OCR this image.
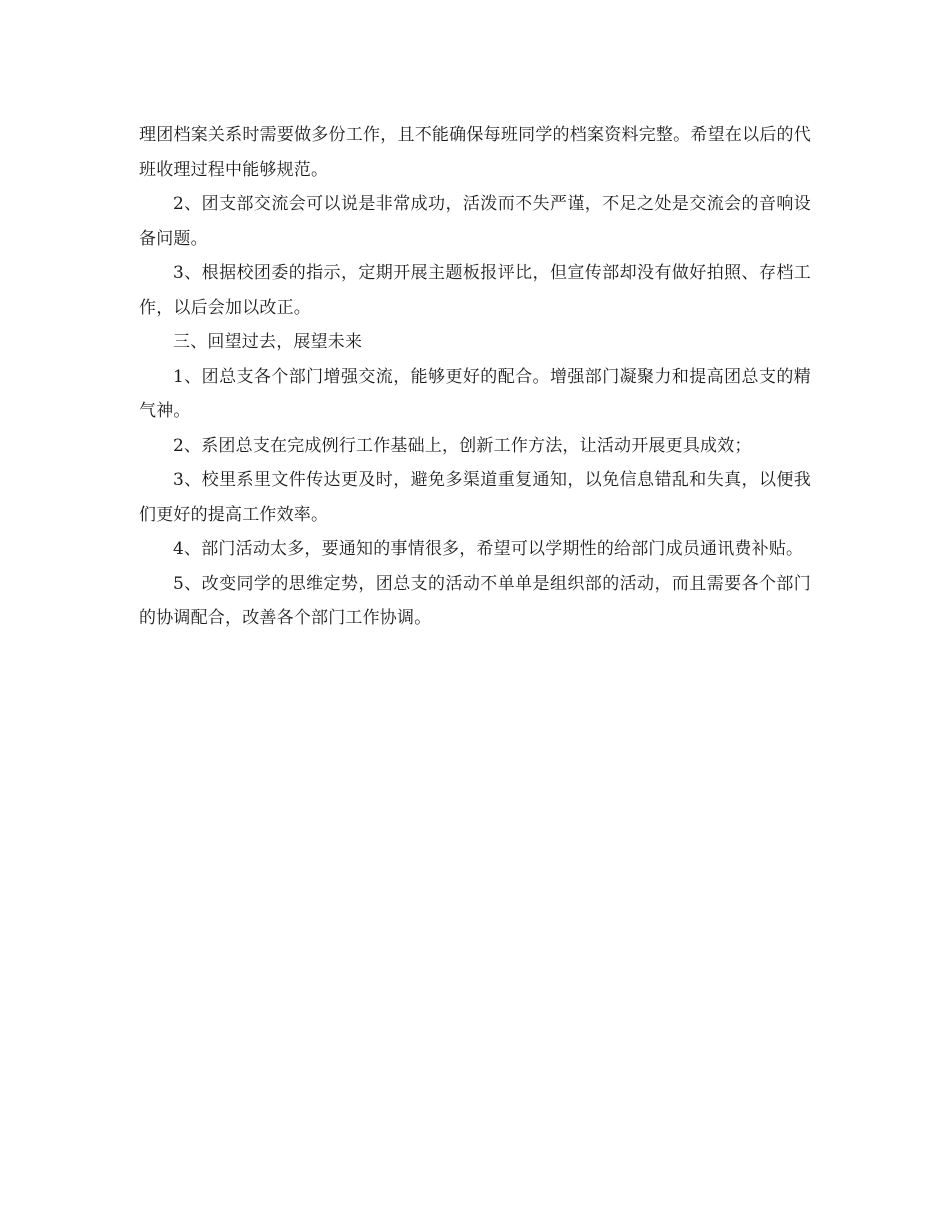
理团档案关系时需要做多份工作，且不能确保每班同学的档案资料完整。希望在以后的代班收理过程中能够规范。

2、团支部交流会可以说是非常成功，活泼而不失严谨，不足之处是交流会的音响设备问题。

3、根据校团委的指示，定期开展主题板报评比，但宣传部却没有做好拍照、存档工作，以后会加以改正。

三、回望过去，展望未来

1、团总支各个部门增强交流，能够更好的配合。增强部门凝聚力和提高团总支的精气神。

2、系团总支在完成例行工作基础上，创新工作方法，让活动开展更具成效；

3、校里系里文件传达更及时，避免多渠道重复通知，以免信息错乱和失真，以便我们更好的提高工作效率。

4、部门活动太多，要通知的事情很多，希望可以学期性的给部门成员通讯费补贴。

5、改变同学的思维定势，团总支的活动不单单是组织部的活动，而且需要各个部门的协调配合，改善各个部门工作协调。
